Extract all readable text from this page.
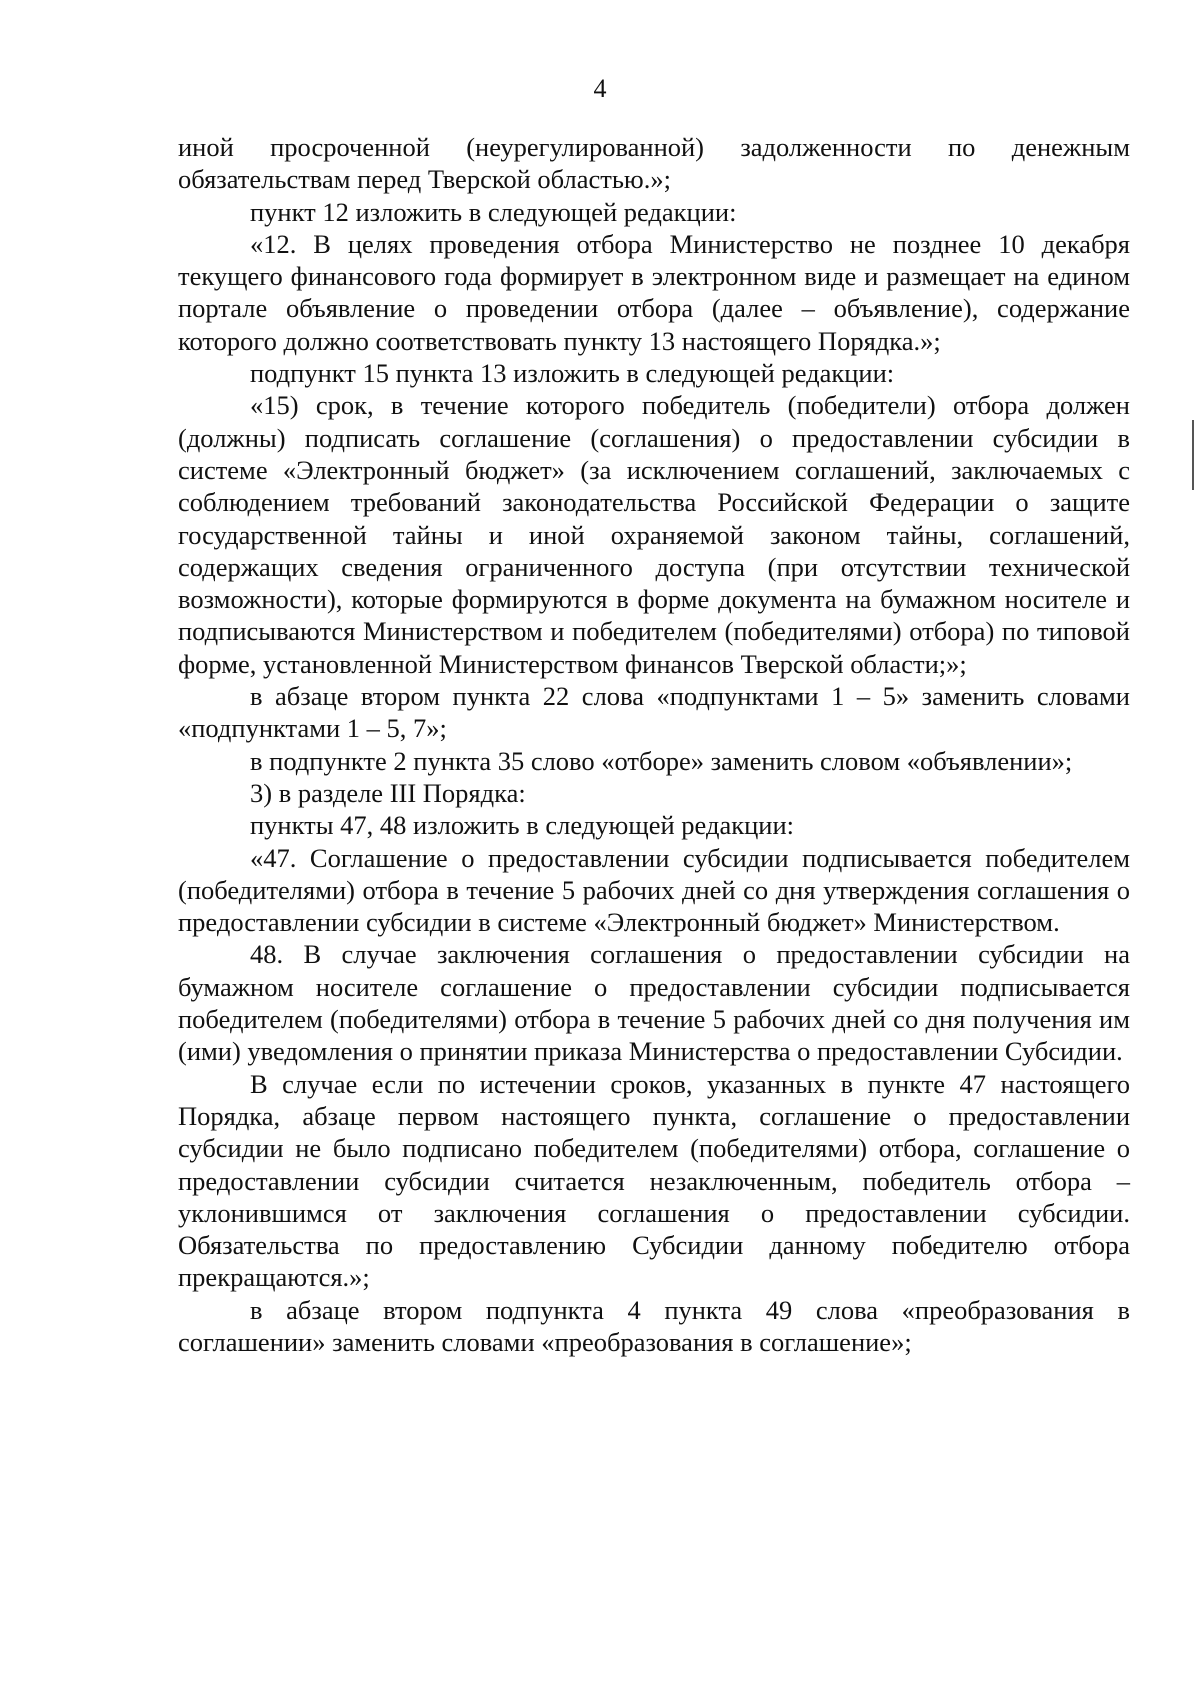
4

иной просроченной (неурегулированной) задолженности по денежным обязательствам перед Тверской областью.»;

пункт 12 изложить в следующей редакции:

«12. В целях проведения отбора Министерство не позднее 10 декабря текущего финансового года формирует в электронном виде и размещает на едином портале объявление о проведении отбора (далее – объявление), содержание которого должно соответствовать пункту 13 настоящего Порядка.»;

подпункт 15 пункта 13 изложить в следующей редакции:

«15) срок, в течение которого победитель (победители) отбора должен (должны) подписать соглашение (соглашения) о предоставлении субсидии в системе «Электронный бюджет» (за исключением соглашений, заключаемых с соблюдением требований законодательства Российской Федерации о защите государственной тайны и иной охраняемой законом тайны, соглашений, содержащих сведения ограниченного доступа (при отсутствии технической возможности), которые формируются в форме документа на бумажном носителе и подписываются Министерством и победителем (победителями) отбора) по типовой форме, установленной Министерством финансов Тверской области;»;

в абзаце втором пункта 22 слова «подпунктами 1 – 5» заменить словами «подпунктами 1 – 5, 7»;

в подпункте 2 пункта 35 слово «отборе» заменить словом «объявлении»;

3) в разделе III Порядка:

пункты 47, 48 изложить в следующей редакции:

«47. Соглашение о предоставлении субсидии подписывается победителем (победителями) отбора в течение 5 рабочих дней со дня утверждения соглашения о предоставлении субсидии в системе «Электронный бюджет» Министерством.

48. В случае заключения соглашения о предоставлении субсидии на бумажном носителе соглашение о предоставлении субсидии подписывается победителем (победителями) отбора в течение 5 рабочих дней со дня получения им (ими) уведомления о принятии приказа Министерства о предоставлении Субсидии.

В случае если по истечении сроков, указанных в пункте 47 настоящего Порядка, абзаце первом настоящего пункта, соглашение о предоставлении субсидии не было подписано победителем (победителями) отбора, соглашение о предоставлении субсидии считается незаключенным, победитель отбора – уклонившимся от заключения соглашения о предоставлении субсидии. Обязательства по предоставлению Субсидии данному победителю отбора прекращаются.»;

в абзаце втором подпункта 4 пункта 49 слова «преобразования в соглашении» заменить словами «преобразования в соглашение»;
